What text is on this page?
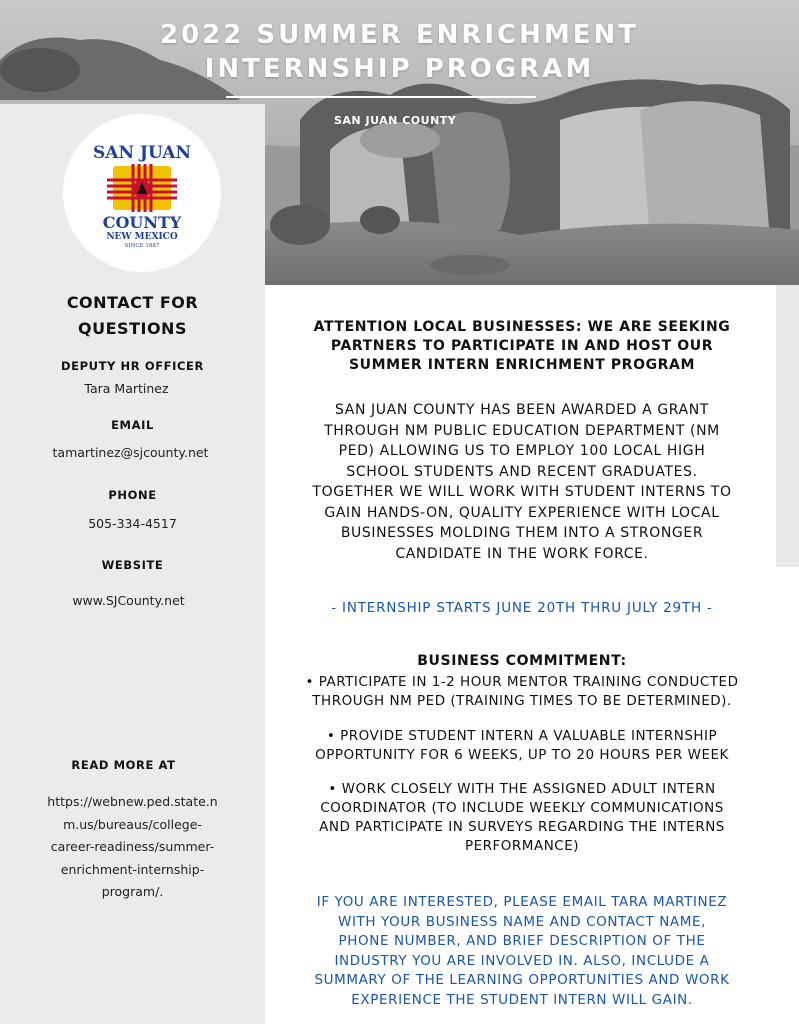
2022 SUMMER ENRICHMENT
INTERNSHIP PROGRAM
SAN JUAN COUNTY
SAN JUAN
COUNTY
NEW MEXICO
SINCE 1887
CONTACT FOR
QUESTIONS
DEPUTY HR OFFICER
Tara Martinez
EMAIL
tamartinez@sjcounty.net
PHONE
505-334-4517
WEBSITE
www.SJCounty.net
READ MORE AT
https://webnew.ped.state.n
m.us/bureaus/college-
career-readiness/summer-
enrichment-internship-
program/.
ATTENTION LOCAL BUSINESSES: WE ARE SEEKING
PARTNERS TO PARTICIPATE IN AND HOST OUR
SUMMER INTERN ENRICHMENT PROGRAM
SAN JUAN COUNTY HAS BEEN AWARDED A GRANT
THROUGH NM PUBLIC EDUCATION DEPARTMENT (NM
PED) ALLOWING US TO EMPLOY 100 LOCAL HIGH
SCHOOL STUDENTS AND RECENT GRADUATES.
TOGETHER WE WILL WORK WITH STUDENT INTERNS TO
GAIN HANDS-ON, QUALITY EXPERIENCE WITH LOCAL
BUSINESSES MOLDING THEM INTO A STRONGER
CANDIDATE IN THE WORK FORCE.
- INTERNSHIP STARTS JUNE 20TH THRU JULY 29TH -
BUSINESS COMMITMENT:
• PARTICIPATE IN 1-2 HOUR MENTOR TRAINING CONDUCTED
THROUGH NM PED (TRAINING TIMES TO BE DETERMINED).
• PROVIDE STUDENT INTERN A VALUABLE INTERNSHIP
OPPORTUNITY FOR 6 WEEKS, UP TO 20 HOURS PER WEEK
• WORK CLOSELY WITH THE ASSIGNED ADULT INTERN
COORDINATOR (TO INCLUDE WEEKLY COMMUNICATIONS
AND PARTICIPATE IN SURVEYS REGARDING THE INTERNS
PERFORMANCE)
IF YOU ARE INTERESTED, PLEASE EMAIL TARA MARTINEZ
WITH YOUR BUSINESS NAME AND CONTACT NAME,
PHONE NUMBER, AND BRIEF DESCRIPTION OF THE
INDUSTRY YOU ARE INVOLVED IN. ALSO, INCLUDE A
SUMMARY OF THE LEARNING OPPORTUNITIES AND WORK
EXPERIENCE THE STUDENT INTERN WILL GAIN.
